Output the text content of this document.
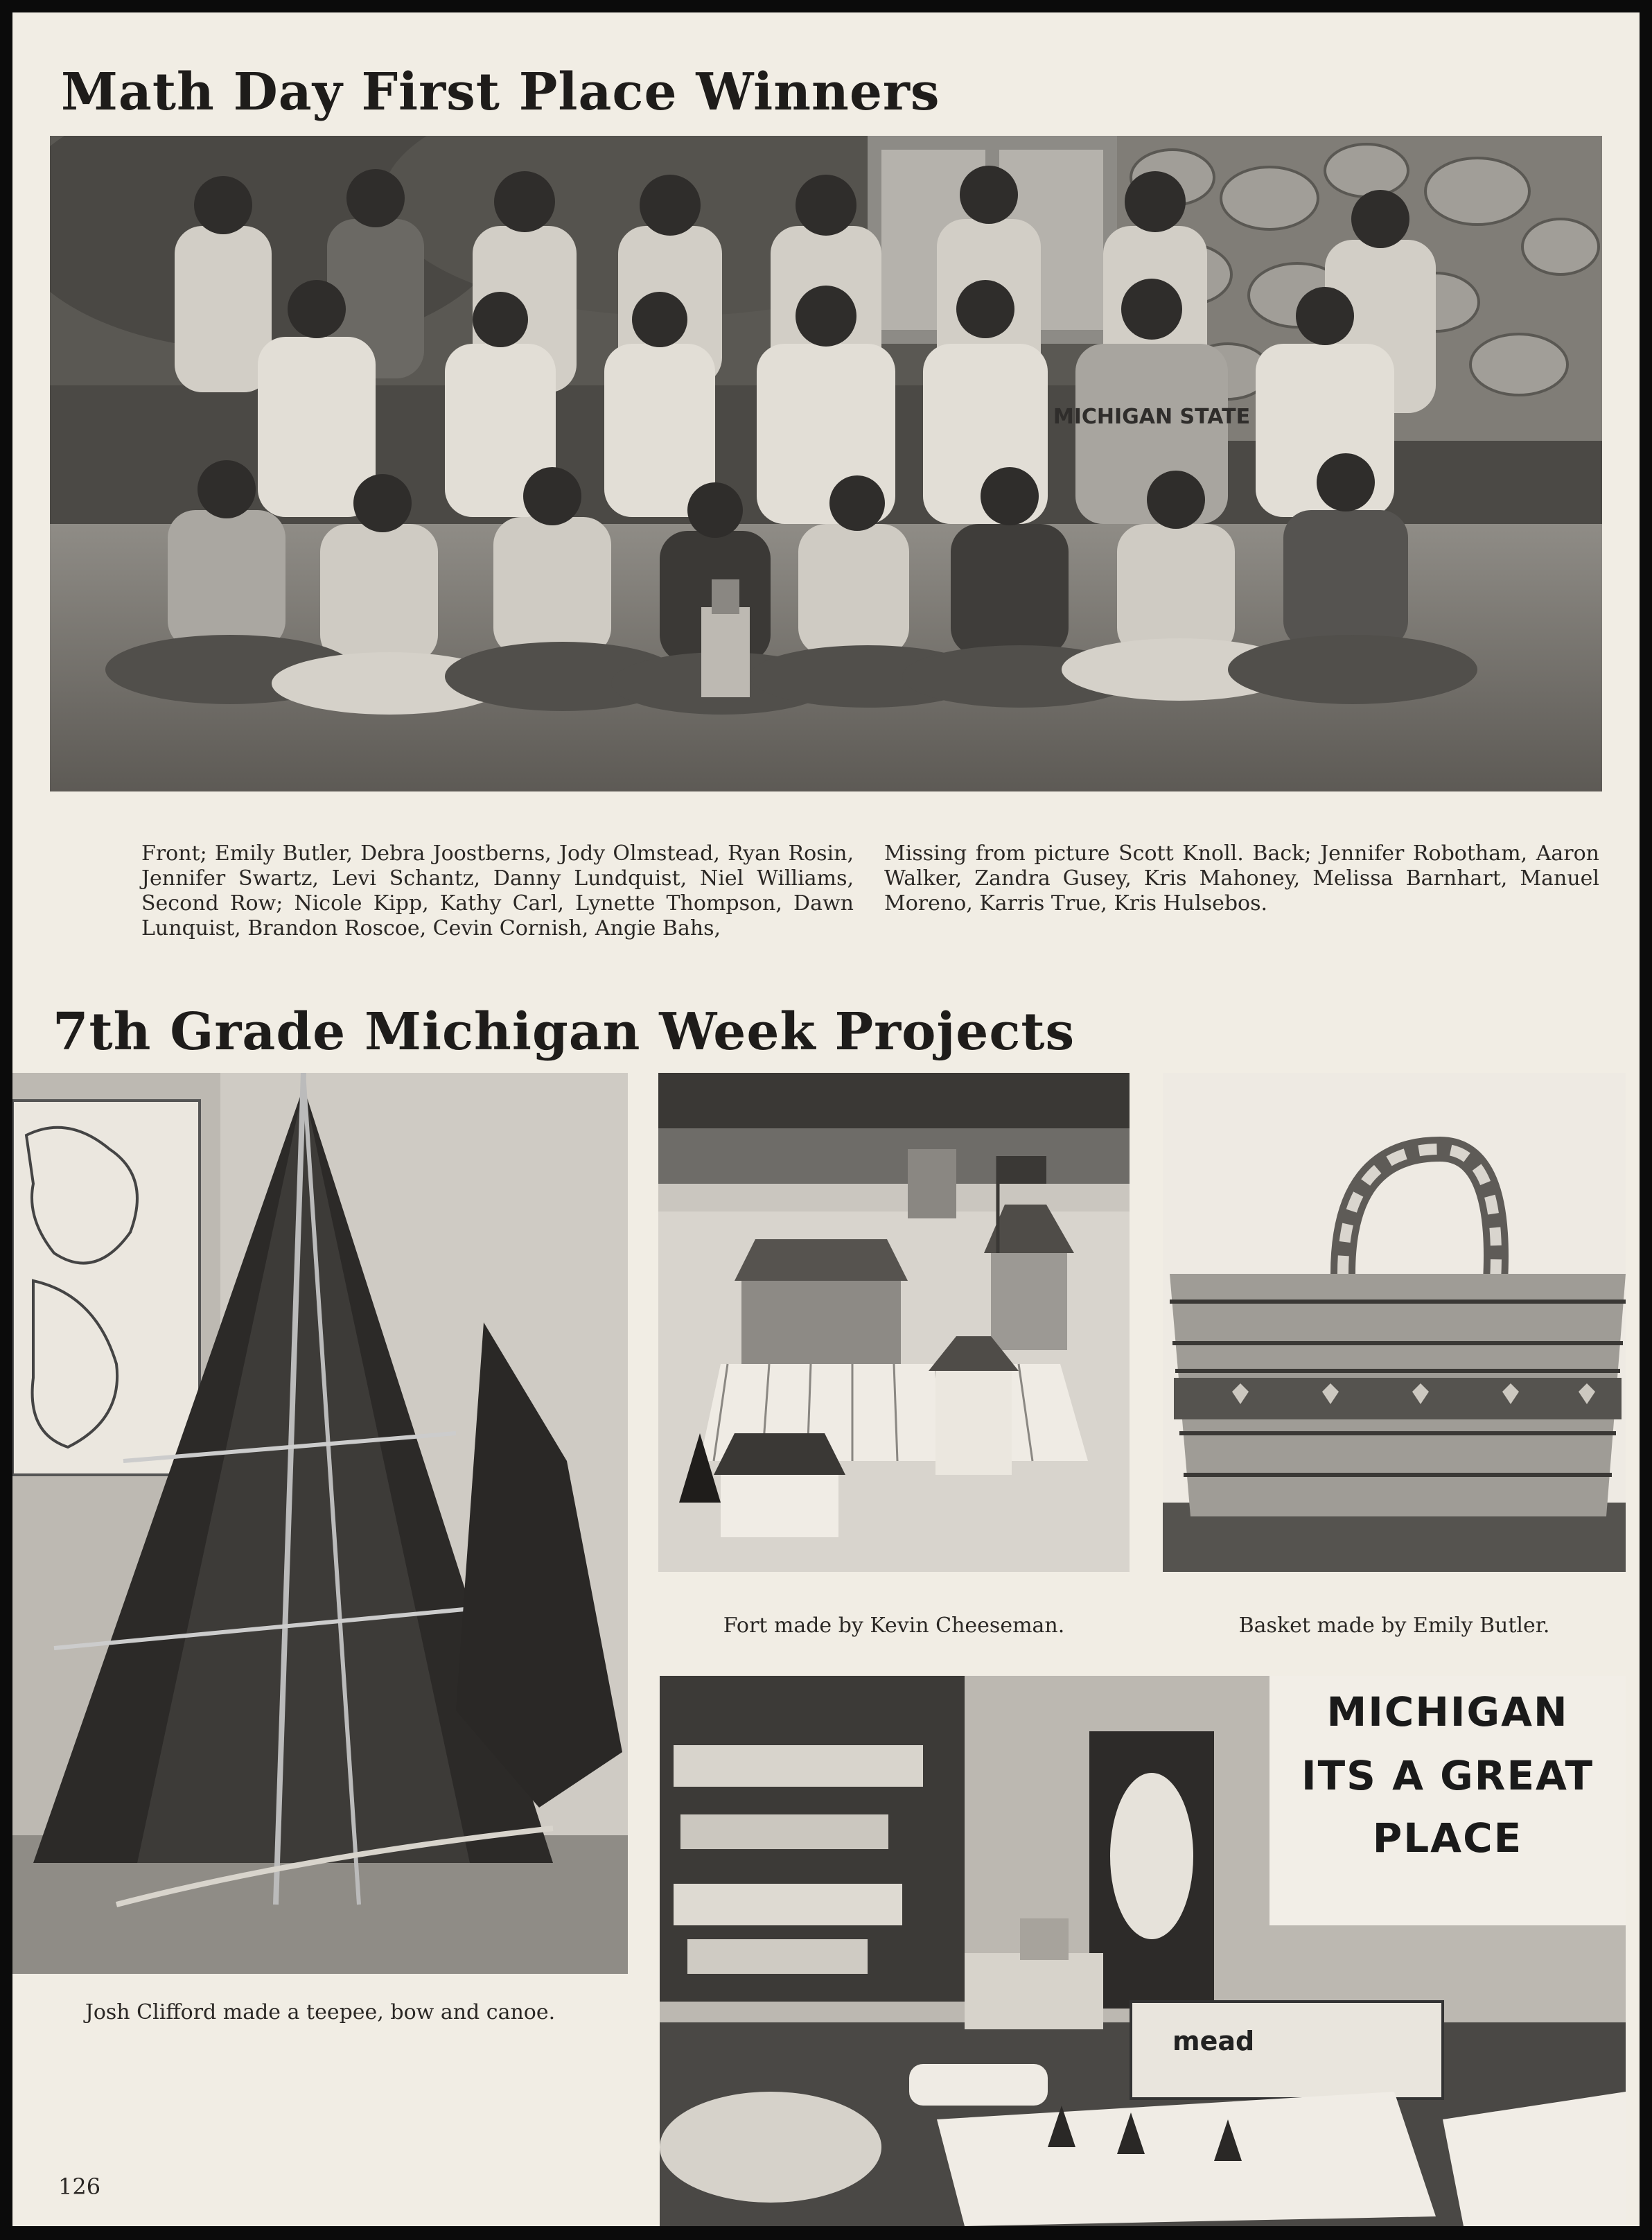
Math Day First Place Winners
MICHIGAN STATE

Front; Emily Butler, Debra Joostberns, Jody Olmstead, Ryan Rosin, Jennifer Swartz, Levi Schantz, Danny Lundquist, Niel Williams, Second Row; Nicole Kipp, Kathy Carl, Lynette Thompson, Dawn Lunquist, Brandon Roscoe, Cevin Cornish, Angie Bahs,

Missing from picture Scott Knoll. Back; Jennifer Robotham, Aaron Walker, Zandra Gusey, Kris Mahoney, Melissa Barnhart, Manuel Moreno, Karris True, Kris Hulsebos.

7th Grade Michigan Week Projects

Josh Clifford made a teepee, bow and canoe.

Fort made by Kevin Cheeseman.	Basket made by Emily Butler.

mead
MICHIGAN
ITS A GREAT
PLACE
126
